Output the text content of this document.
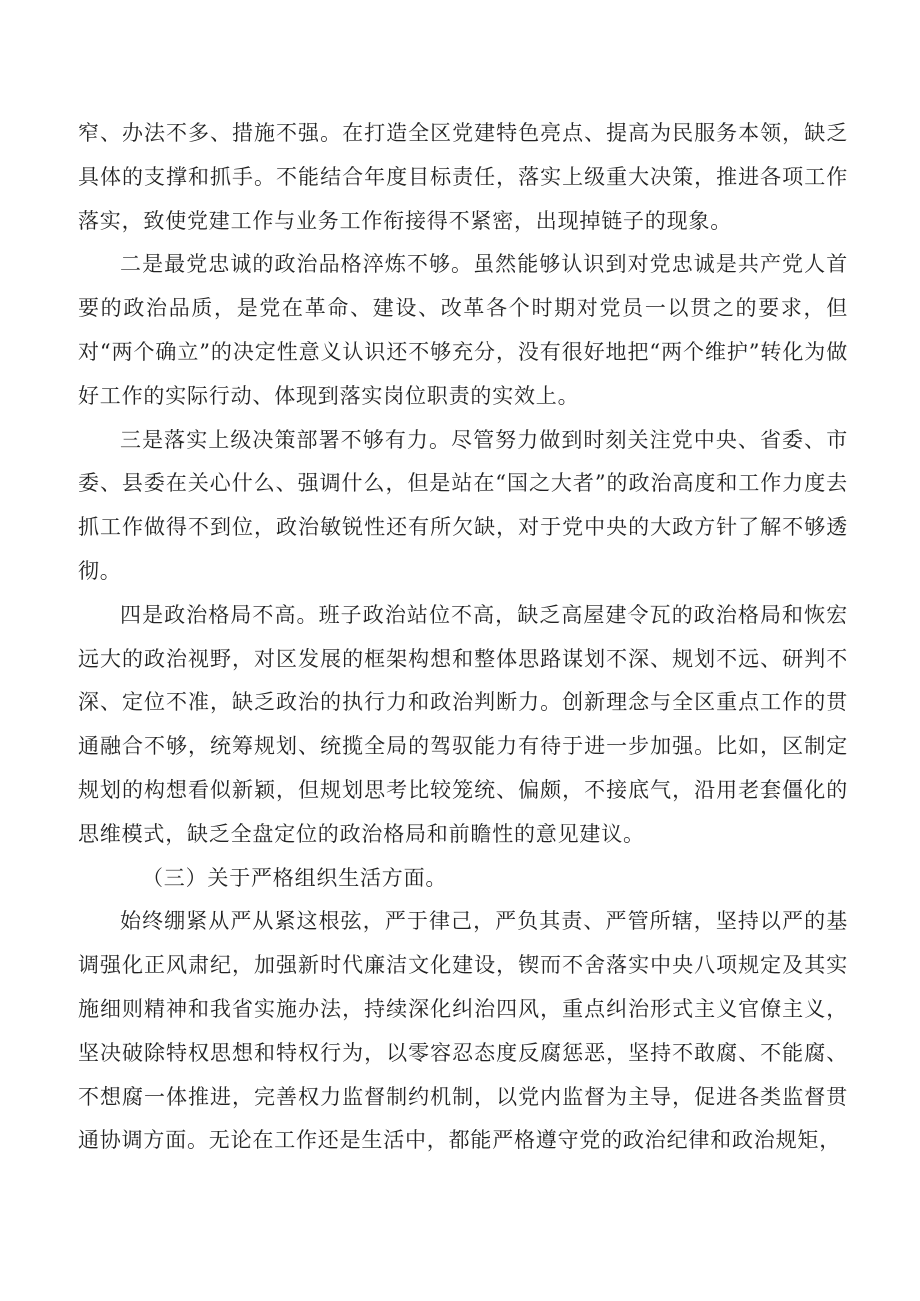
窄、办法不多、措施不强。在打造全区党建特色亮点、提高为民服务本领，缺乏具体的支撑和抓手。不能结合年度目标责任，落实上级重大决策，推进各项工作落实，致使党建工作与业务工作衔接得不紧密，出现掉链子的现象。

二是最党忠诚的政治品格淬炼不够。虽然能够认识到对党忠诚是共产党人首要的政治品质，是党在革命、建设、改革各个时期对党员一以贯之的要求，但对“两个确立”的决定性意义认识还不够充分，没有很好地把“两个维护”转化为做好工作的实际行动、体现到落实岗位职责的实效上。

三是落实上级决策部署不够有力。尽管努力做到时刻关注党中央、省委、市委、县委在关心什么、强调什么，但是站在“国之大者”的政治高度和工作力度去抓工作做得不到位，政治敏锐性还有所欠缺，对于党中央的大政方针了解不够透彻。

四是政治格局不高。班子政治站位不高，缺乏高屋建令瓦的政治格局和恢宏远大的政治视野，对区发展的框架构想和整体思路谋划不深、规划不远、研判不深、定位不准，缺乏政治的执行力和政治判断力。创新理念与全区重点工作的贯通融合不够，统筹规划、统揽全局的驾驭能力有待于进一步加强。比如，区制定规划的构想看似新颖，但规划思考比较笼统、偏颇，不接底气，沿用老套僵化的思维模式，缺乏全盘定位的政治格局和前瞻性的意见建议。

（三）关于严格组织生活方面。

始终绷紧从严从紧这根弦，严于律己，严负其责、严管所辖，坚持以严的基调强化正风肃纪，加强新时代廉洁文化建设，锲而不舍落实中央八项规定及其实施细则精神和我省实施办法，持续深化纠治四风，重点纠治形式主义官僚主义，坚决破除特权思想和特权行为，以零容忍态度反腐惩恶，坚持不敢腐、不能腐、不想腐一体推进，完善权力监督制约机制，以党内监督为主导，促进各类监督贯通协调方面。无论在工作还是生活中，都能严格遵守党的政治纪律和政治规矩，
